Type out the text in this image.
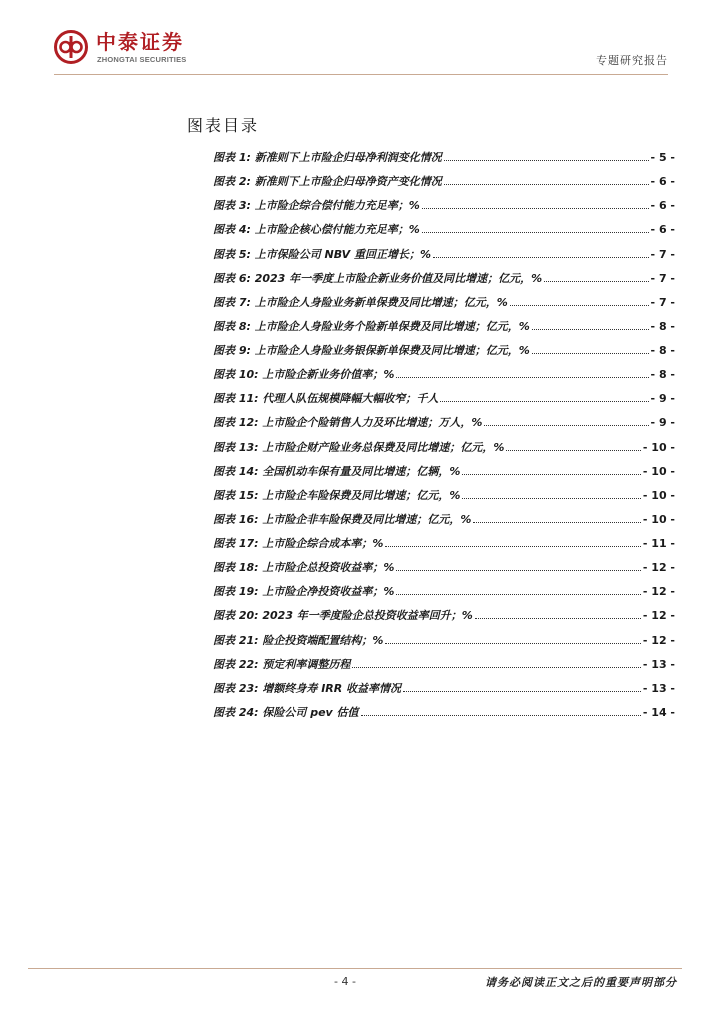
中泰证券
ZHONGTAI SECURITIES	专题研究报告
图表目录
图表 1: 新准则下上市险企归母净利润变化情况	- 5 -
图表 2: 新准则下上市险企归母净资产变化情况	- 6 -
图表 3: 上市险企综合偿付能力充足率；%	- 6 -
图表 4: 上市险企核心偿付能力充足率；%	- 6 -
图表 5: 上市保险公司 NBV 重回正增长；%	- 7 -
图表 6: 2023 年一季度上市险企新业务价值及同比增速；亿元，%	- 7 -
图表 7: 上市险企人身险业务新单保费及同比增速；亿元，%	- 7 -
图表 8: 上市险企人身险业务个险新单保费及同比增速；亿元，%	- 8 -
图表 9: 上市险企人身险业务银保新单保费及同比增速；亿元，%	- 8 -
图表 10: 上市险企新业务价值率；%	- 8 -
图表 11: 代理人队伍规模降幅大幅收窄；千人	- 9 -
图表 12: 上市险企个险销售人力及环比增速；万人，%	- 9 -
图表 13: 上市险企财产险业务总保费及同比增速；亿元，%	- 10 -
图表 14: 全国机动车保有量及同比增速；亿辆，%	- 10 -
图表 15: 上市险企车险保费及同比增速；亿元，%	- 10 -
图表 16: 上市险企非车险保费及同比增速；亿元，%	- 10 -
图表 17: 上市险企综合成本率；%	- 11 -
图表 18: 上市险企总投资收益率；%	- 12 -
图表 19: 上市险企净投资收益率；%	- 12 -
图表 20: 2023 年一季度险企总投资收益率回升；%	- 12 -
图表 21: 险企投资端配置结构；%	- 12 -
图表 22: 预定利率调整历程	- 13 -
图表 23: 增额终身寿 IRR 收益率情况	- 13 -
图表 24: 保险公司 pev 估值	- 14 -
- 4 -	请务必阅读正文之后的重要声明部分
